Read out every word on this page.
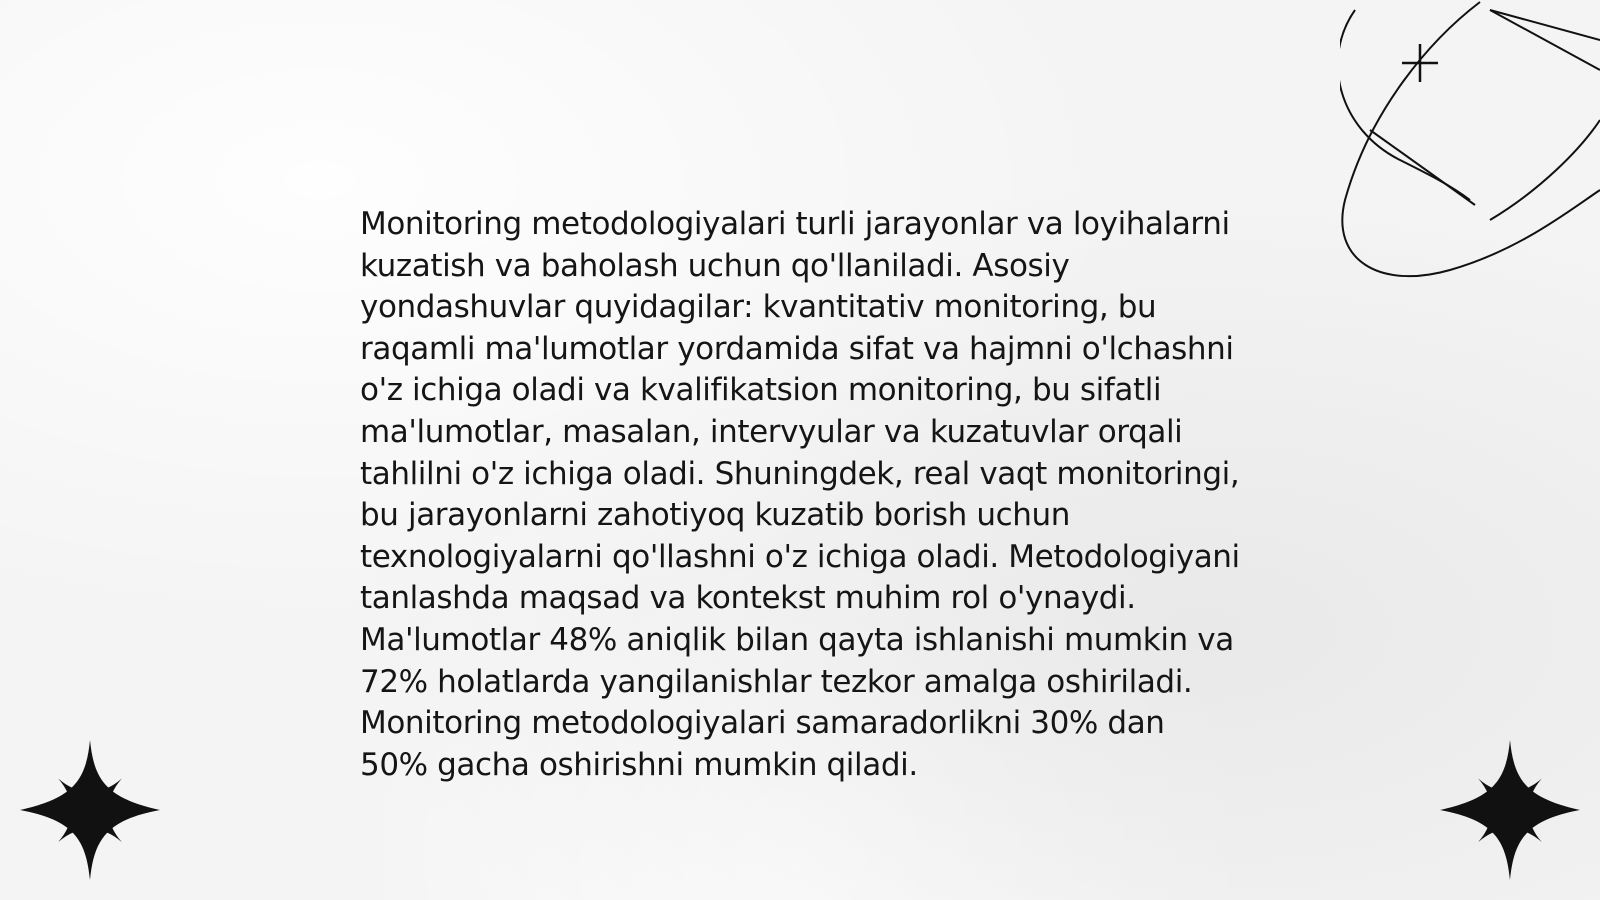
Monitoring metodologiyalari turli jarayonlar va loyihalarni kuzatish va baholash uchun qo'llaniladi. Asosiy yondashuvlar quyidagilar: kvantitativ monitoring, bu raqamli ma'lumotlar yordamida sifat va hajmni o'lchashni o'z ichiga oladi va kvalifikatsion monitoring, bu sifatli ma'lumotlar, masalan, intervyular va kuzatuvlar orqali tahlilni o'z ichiga oladi. Shuningdek, real vaqt monitoringi, bu jarayonlarni zahotiyoq kuzatib borish uchun texnologiyalarni qo'llashni o'z ichiga oladi. Metodologiyani tanlashda maqsad va kontekst muhim rol o'ynaydi. Ma'lumotlar 48% aniqlik bilan qayta ishlanishi mumkin va 72% holatlarda yangilanishlar tezkor amalga oshiriladi. Monitoring metodologiyalari samaradorlikni 30% dan 50% gacha oshirishni mumkin qiladi.
